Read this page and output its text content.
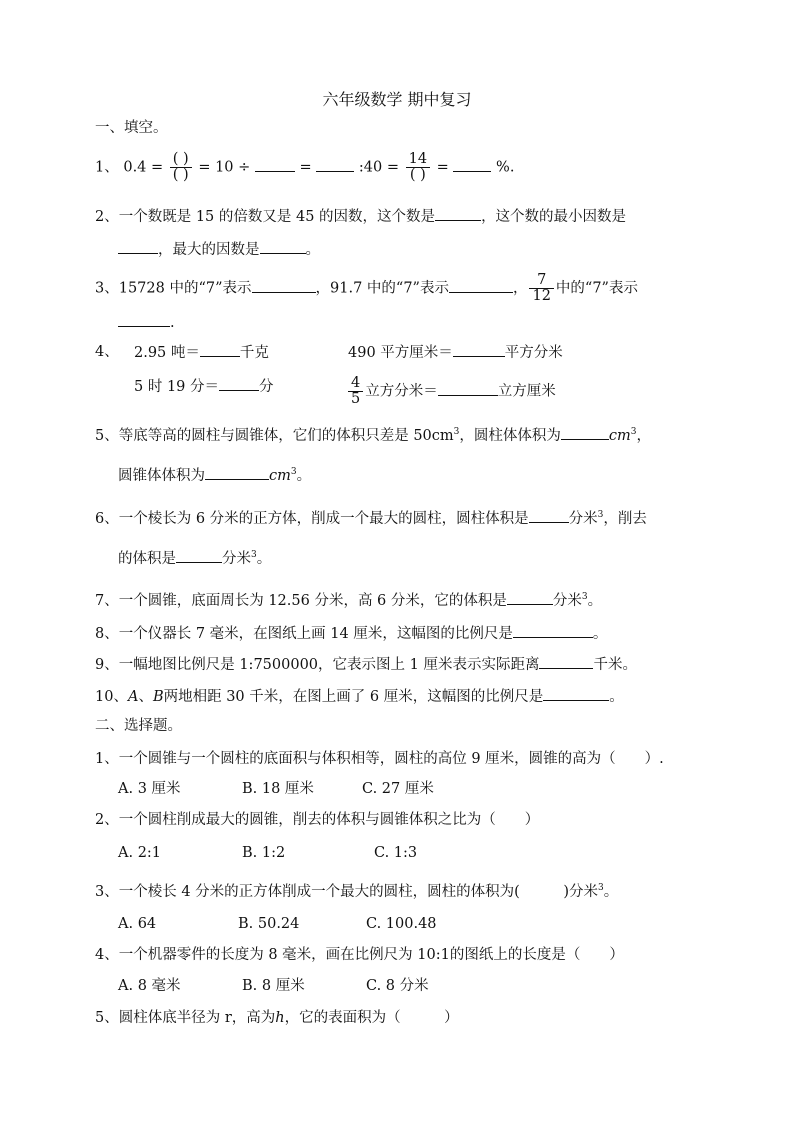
六年级数学 期中复习
一、填空。
1、 $0.4 = \frac{( )}{( )} = 10$ ÷	=	:40 = $\frac{14}{( )}$ =	%.
2、一个数既是 15 的倍数又是 45 的因数，这个数是	，这个数的最小因数是
，最大的因数是	。
3、15728 中的“7”表示	，91.7 中的“7”表示	， $\frac{7}{12}$ 中的“7”表示
.
4、 2.95 吨＝	千克	490 平方厘米＝	平方分米
5 时 19 分＝	分	$\frac{4}{5}$ 立方分米＝	立方厘米
5、等底等高的圆柱与圆锥体，它们的体积只差是 $50cm^3$，圆柱体体积为	$cm^3$，
圆锥体体积为	$cm^3$。
6、一个棱长为 6 分米的正方体，削成一个最大的圆柱，圆柱体积是	分米$^3$，削去
的体积是	分米$^3$。
7、一个圆锥，底面周长为 12.56 分米，高 6 分米，它的体积是	分米$^3$。
8、一个仪器长 7 毫米，在图纸上画 14 厘米，这幅图的比例尺是	。
9、一幅地图比例尺是 1:7500000，它表示图上 1 厘米表示实际距离	千米。
10、A、B两地相距 30 千米，在图上画了 6 厘米，这幅图的比例尺是	。
二、选择题。
1、一个圆锥与一个圆柱的底面积与体积相等，圆柱的高位 9 厘米，圆锥的高为（　　）.
A. 3 厘米	B. 18 厘米	C. 27 厘米
2、一个圆柱削成最大的圆锥，削去的体积与圆锥体积之比为（　　）
A. 2:1	B. 1:2	C. 1:3
3、一个棱长 4 分米的正方体削成一个最大的圆柱，圆柱的体积为(　　　)分米$^3$。
A. 64	B. 50.24	C. 100.48
4、一个机器零件的长度为 8 毫米，画在比例尺为 10:1的图纸上的长度是（　　）
A. 8 毫米	B. 8 厘米	C. 8 分米
5、圆柱体底半径为 r，高为h，它的表面积为（　　　）
